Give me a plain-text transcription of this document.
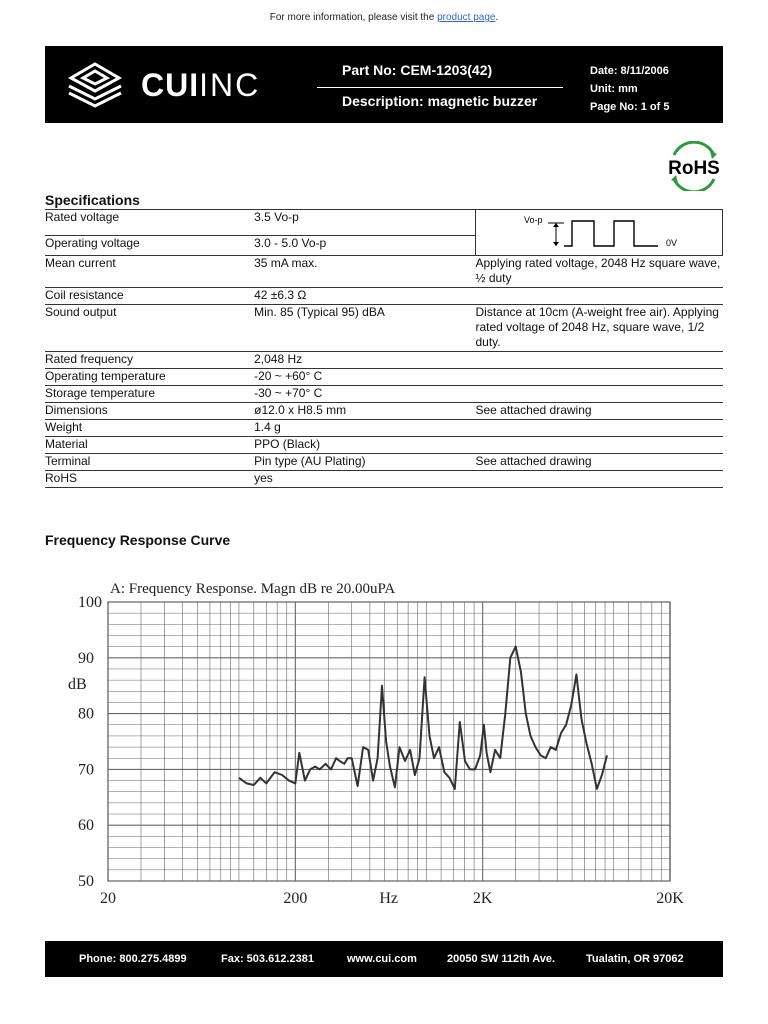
For more information, please visit the product page.
CUIINC	Part No: CEM-1203(42)
Description: magnetic buzzer
Date: 8/11/2006
Unit: mm
Page No: 1 of 5
RoHS
Specifications
Rated voltage	3.5 Vo-p	Vo-p
0V

Operating voltage	3.0 - 5.0 Vo-p	
Mean current	35 mA max.	Applying rated voltage, 2048 Hz square wave, ½ duty
Coil resistance	42 ±6.3 Ω	
Sound output	Min. 85 (Typical 95) dBA	Distance at 10cm (A-weight free air). Applying rated voltage of 2048 Hz, square wave, 1/2 duty.
Rated frequency	2,048 Hz	
Operating temperature	-20 ~ +60° C	
Storage temperature	-30 ~ +70° C	
Dimensions	ø12.0 x H8.5 mm	See attached drawing
Weight	1.4 g	
Material	PPO (Black)	
Terminal	Pin type (AU Plating)	See attached drawing
RoHS	yes	
Frequency Response Curve
A: Frequency Response. Magn dB re 20.00uPA
50
60
70
80
90
100
dB
20	200	2K	20K
Hz
Phone: 800.275.4899	Fax: 503.612.2381	www.cui.com	20050 SW 112th Ave.	Tualatin, OR 97062
